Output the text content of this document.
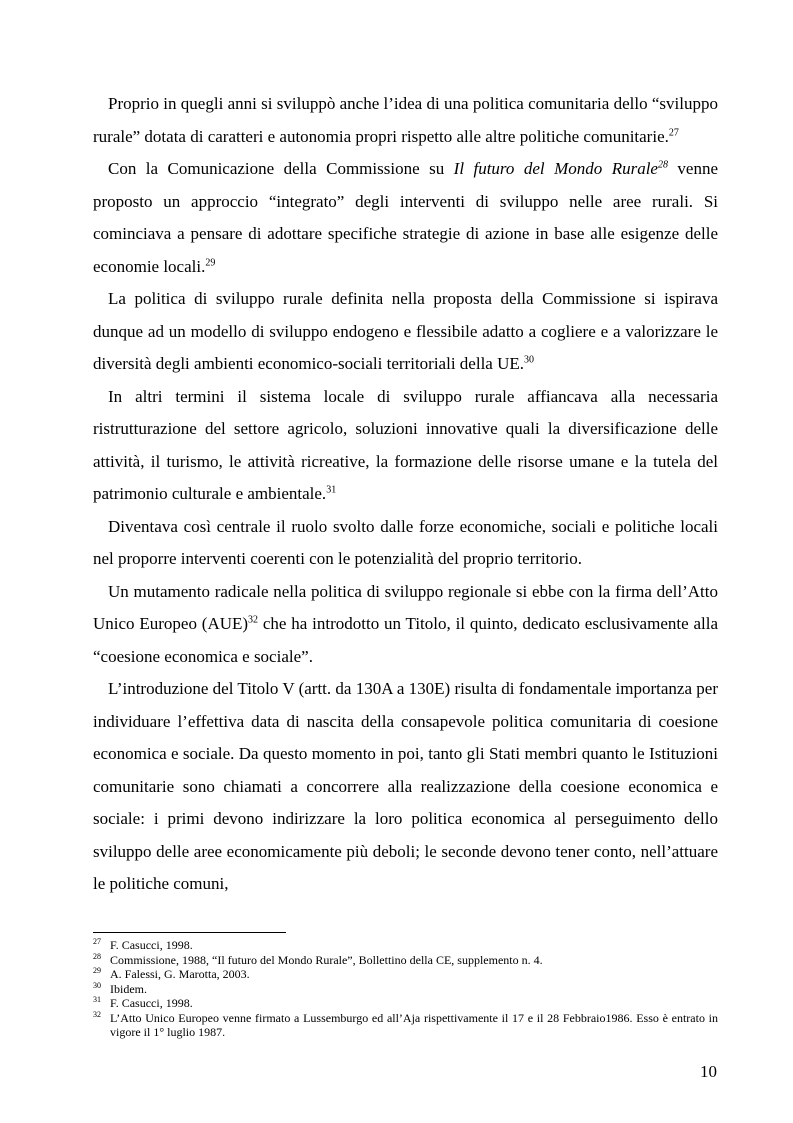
Proprio in quegli anni si sviluppò anche l’idea di una politica comunitaria dello “sviluppo rurale” dotata di caratteri e autonomia propri rispetto alle altre politiche comunitarie.$^{27}$

Con la Comunicazione della Commissione su Il futuro del Mondo Rurale$^{28}$ venne proposto un approccio “integrato” degli interventi di sviluppo nelle aree rurali. Si cominciava a pensare di adottare specifiche strategie di azione in base alle esigenze delle economie locali.$^{29}$

La politica di sviluppo rurale definita nella proposta della Commissione si ispirava dunque ad un modello di sviluppo endogeno e flessibile adatto a cogliere e a valorizzare le diversità degli ambienti economico-sociali territoriali della UE.$^{30}$

In altri termini il sistema locale di sviluppo rurale affiancava alla necessaria ristrutturazione del settore agricolo, soluzioni innovative quali la diversificazione delle attività, il turismo, le attività ricreative, la formazione delle risorse umane e la tutela del patrimonio culturale e ambientale.$^{31}$

Diventava così centrale il ruolo svolto dalle forze economiche, sociali e politiche locali nel proporre interventi coerenti con le potenzialità del proprio territorio.

Un mutamento radicale nella politica di sviluppo regionale si ebbe con la firma dell’Atto Unico Europeo (AUE)$^{32}$ che ha introdotto un Titolo, il quinto, dedicato esclusivamente alla “coesione economica e sociale”.

L’introduzione del Titolo V (artt. da 130A a 130E) risulta di fondamentale importanza per individuare l’effettiva data di nascita della consapevole politica comunitaria di coesione economica e sociale. Da questo momento in poi, tanto gli Stati membri quanto le Istituzioni comunitarie sono chiamati a concorrere alla realizzazione della coesione economica e sociale: i primi devono indirizzare la loro politica economica al perseguimento dello sviluppo delle aree economicamente più deboli; le seconde devono tener conto, nell’attuare le politiche comuni,

27 F. Casucci, 1998.
28 Commissione, 1988, “Il futuro del Mondo Rurale”, Bollettino della CE, supplemento n. 4.
29 A. Falessi, G. Marotta, 2003.
30 Ibidem.
31 F. Casucci, 1998.
32 L’Atto Unico Europeo venne firmato a Lussemburgo ed all’Aja rispettivamente il 17 e il 28 Febbraio1986. Esso è entrato in vigore il 1° luglio 1987.
10
